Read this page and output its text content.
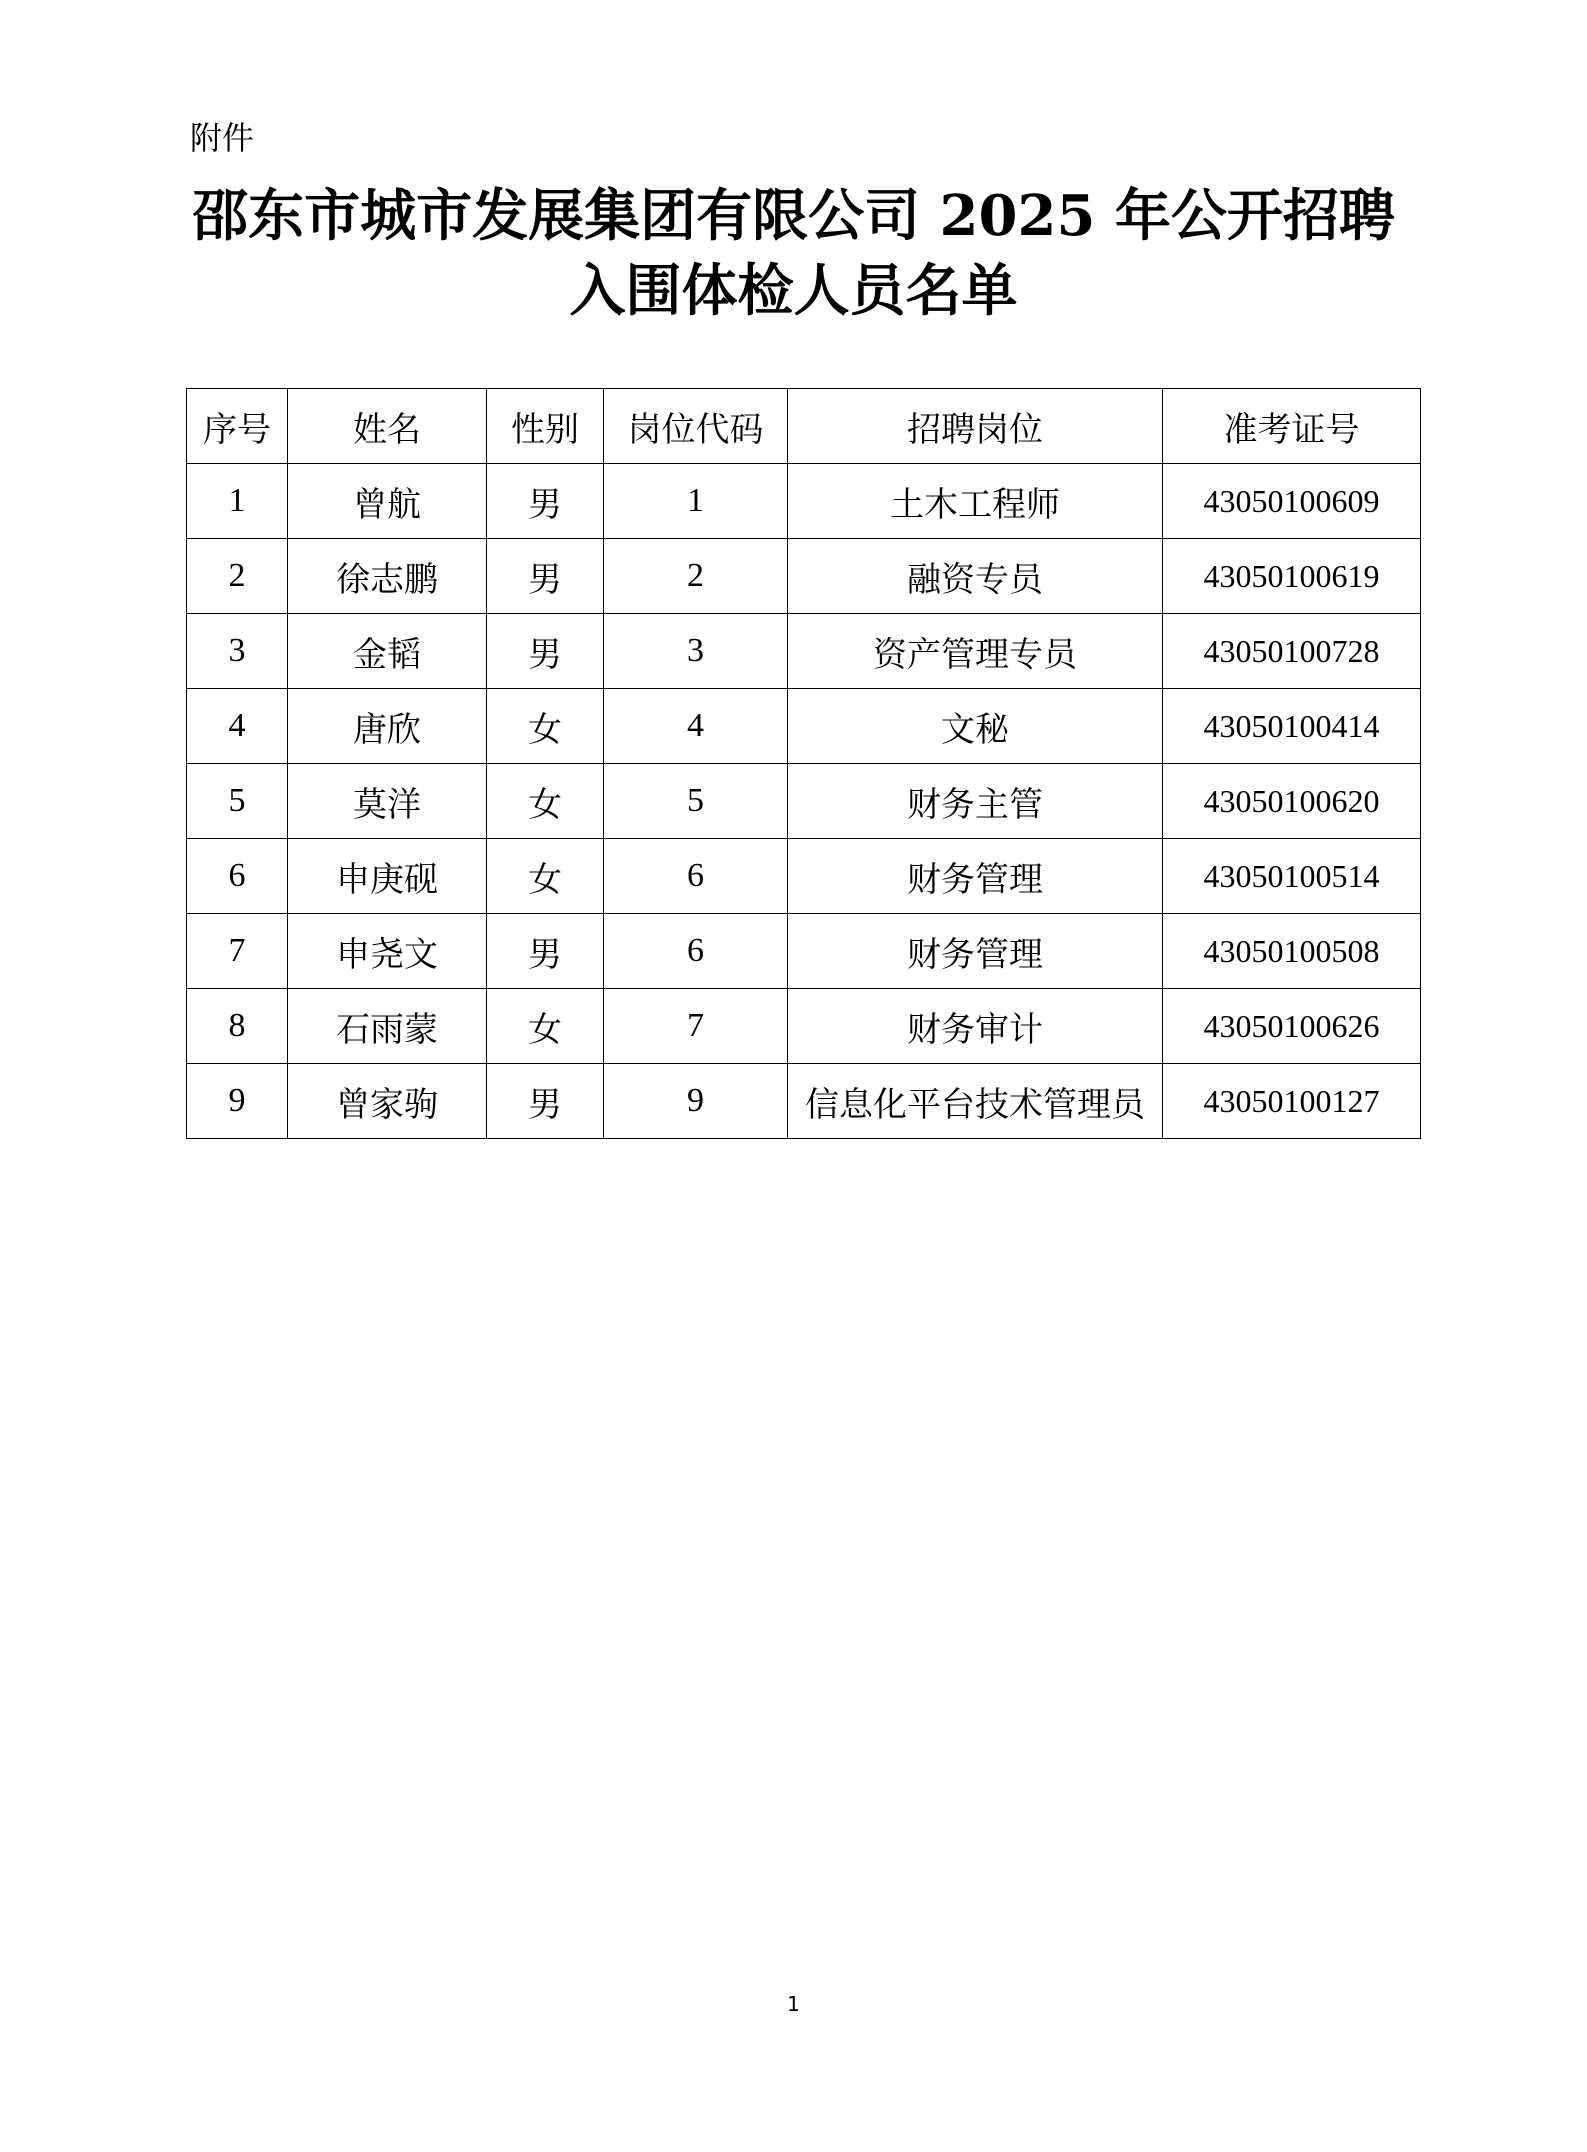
附件
邵东市城市发展集团有限公司 2025 年公开招聘
入围体检人员名单
序号	姓名	性别	岗位代码	招聘岗位	准考证号
1	曾航	男	1	土木工程师	43050100609
2	徐志鹏	男	2	融资专员	43050100619
3	金韬	男	3	资产管理专员	43050100728
4	唐欣	女	4	文秘	43050100414
5	莫洋	女	5	财务主管	43050100620
6	申庚砚	女	6	财务管理	43050100514
7	申尧文	男	6	财务管理	43050100508
8	石雨蒙	女	7	财务审计	43050100626
9	曾家驹	男	9	信息化平台技术管理员	43050100127
1
